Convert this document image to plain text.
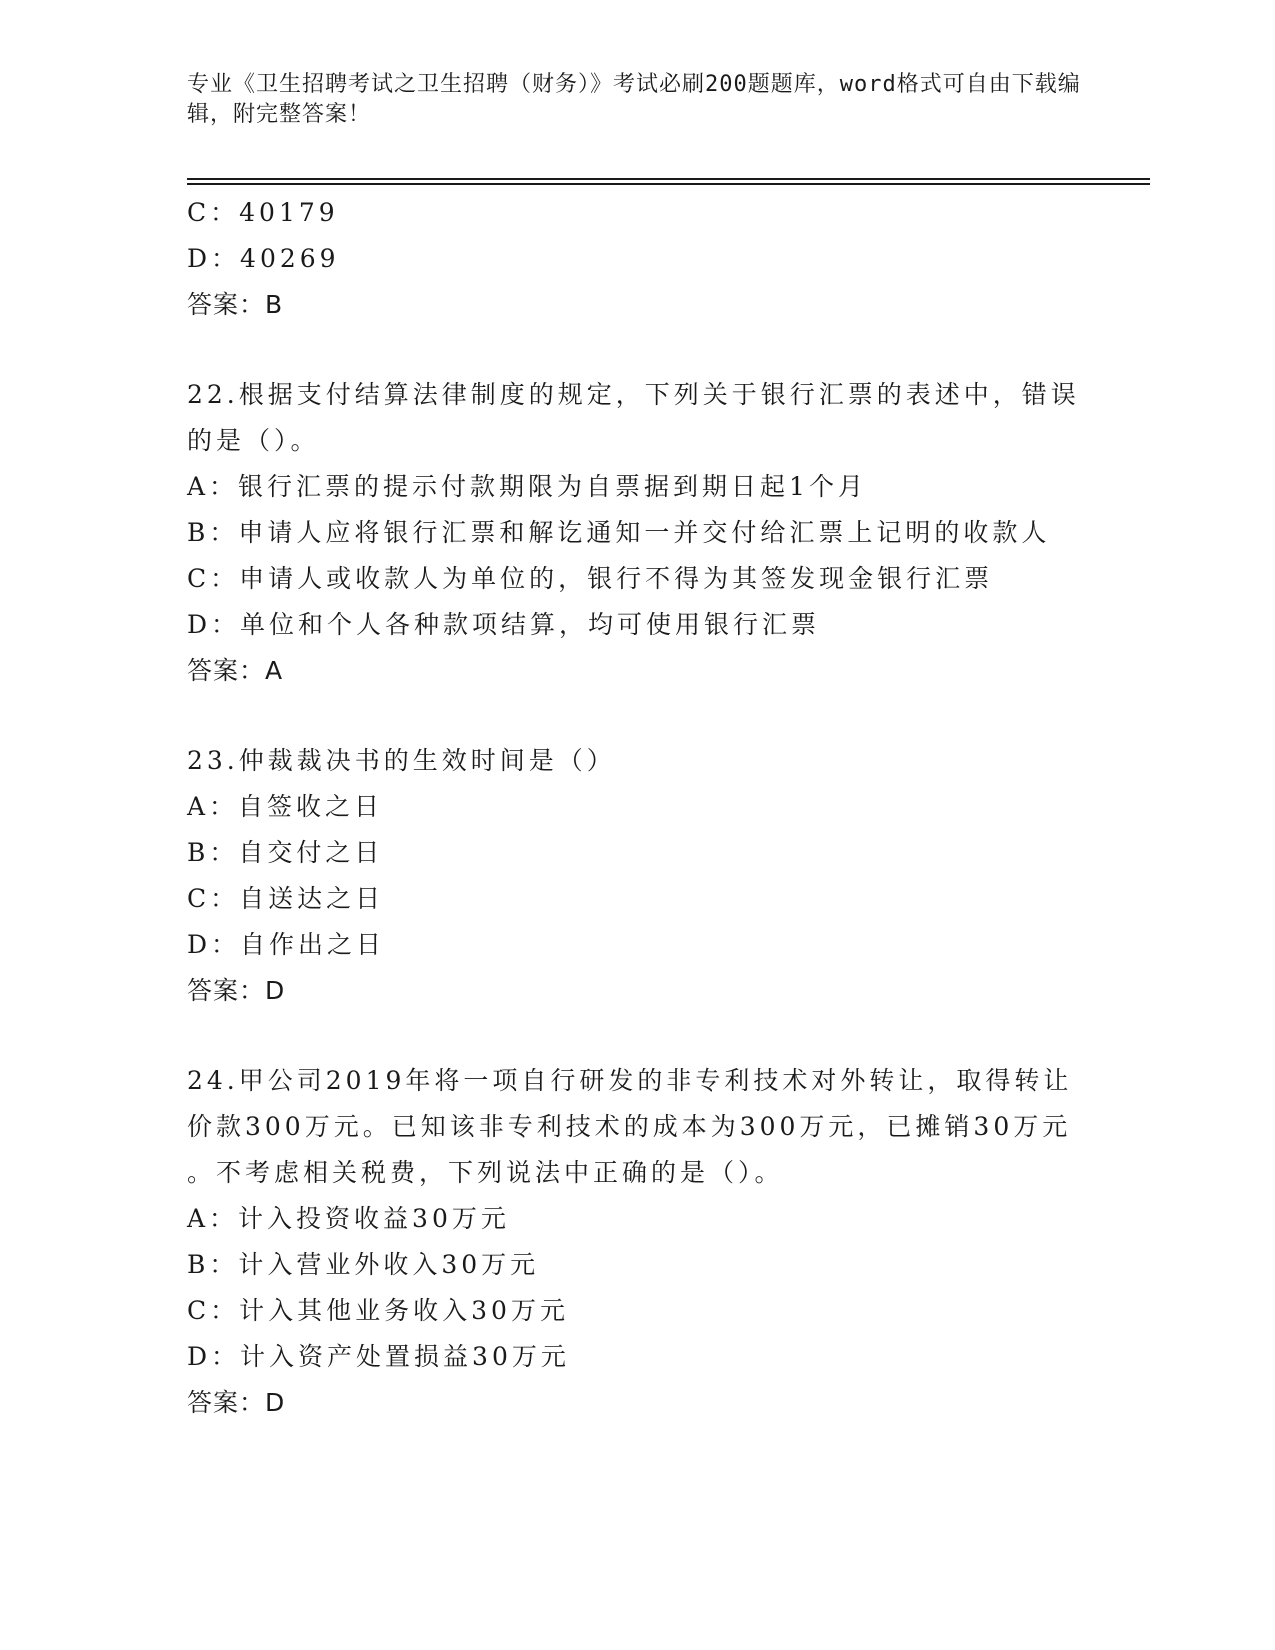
专业《卫生招聘考试之卫生招聘（财务）》考试必刷200题题库，word格式可自由下载编辑，附完整答案！
C：40179
D：40269
答案：B
22.根据支付结算法律制度的规定，下列关于银行汇票的表述中，错误
的是（）。
A：银行汇票的提示付款期限为自票据到期日起1个月
B：申请人应将银行汇票和解讫通知一并交付给汇票上记明的收款人
C：申请人或收款人为单位的，银行不得为其签发现金银行汇票
D：单位和个人各种款项结算，均可使用银行汇票
答案：A
23.仲裁裁决书的生效时间是（）
A：自签收之日
B：自交付之日
C：自送达之日
D：自作出之日
答案：D
24.甲公司2019年将一项自行研发的非专利技术对外转让，取得转让
价款300万元。已知该非专利技术的成本为300万元，已摊销30万元
。不考虑相关税费，下列说法中正确的是（）。
A：计入投资收益30万元
B：计入营业外收入30万元
C：计入其他业务收入30万元
D：计入资产处置损益30万元
答案：D
